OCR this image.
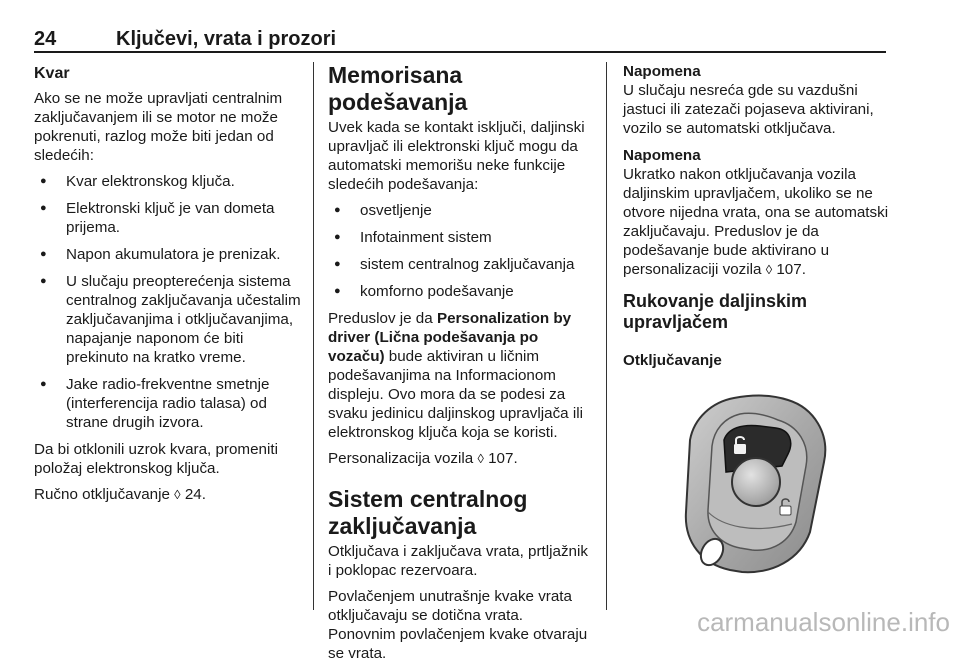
24	Ključevi, vrata i prozori
Kvar

Ako se ne može upravljati centralnim zaključavanjem ili se motor ne može pokrenuti, razlog može biti jedan od sledećih:

● Kvar elektronskog ključa.
● Elektronski ključ je van dometa prijema.
● Napon akumulatora je prenizak.
● U slučaju preopterećenja sistema centralnog zaključavanja učestalim zaključavanjima i otključavanjima, napajanje naponom će biti prekinuto na kratko vreme.
● Jake radio-frekventne smetnje (interferencija radio talasa) od strane drugih izvora.

Da bi otklonili uzrok kvara, promeniti položaj elektronskog ključa.

Ručno otključavanje ◊ 24.

Memorisana podešavanja

Uvek kada se kontakt isključi, daljinski upravljač ili elektronski ključ mogu da automatski memorišu neke funkcije sledećih podešavanja:

● osvetljenje
● Infotainment sistem
● sistem centralnog zaključavanja
● komforno podešavanje

Preduslov je da Personalization by driver (Lična podešavanja po vozaču) bude aktiviran u ličnim podešavanjima na Informacionom displeju. Ovo mora da se podesi za svaku jedinicu daljinskog upravljača ili elektronskog ključa koja se koristi.

Personalizacija vozila ◊ 107.

Sistem centralnog zaključavanja

Otključava i zaključava vrata, prtljažnik i poklopac rezervoara.

Povlačenjem unutrašnje kvake vrata otključavaju se dotična vrata. Ponovnim povlačenjem kvake otvaraju se vrata.

Napomena
U slučaju nesreća gde su vazdušni jastuci ili zatezači pojaseva aktivirani, vozilo se automatski otključava.
Napomena
Ukratko nakon otključavanja vozila daljinskim upravljačem, ukoliko se ne otvore nijedna vrata, ona se automatski zaključavaju. Preduslov je da podešavanje bude aktivirano u personalizaciji vozila ◊ 107.
Rukovanje daljinskim upravljačem
Otključavanje
carmanualsonline.info
